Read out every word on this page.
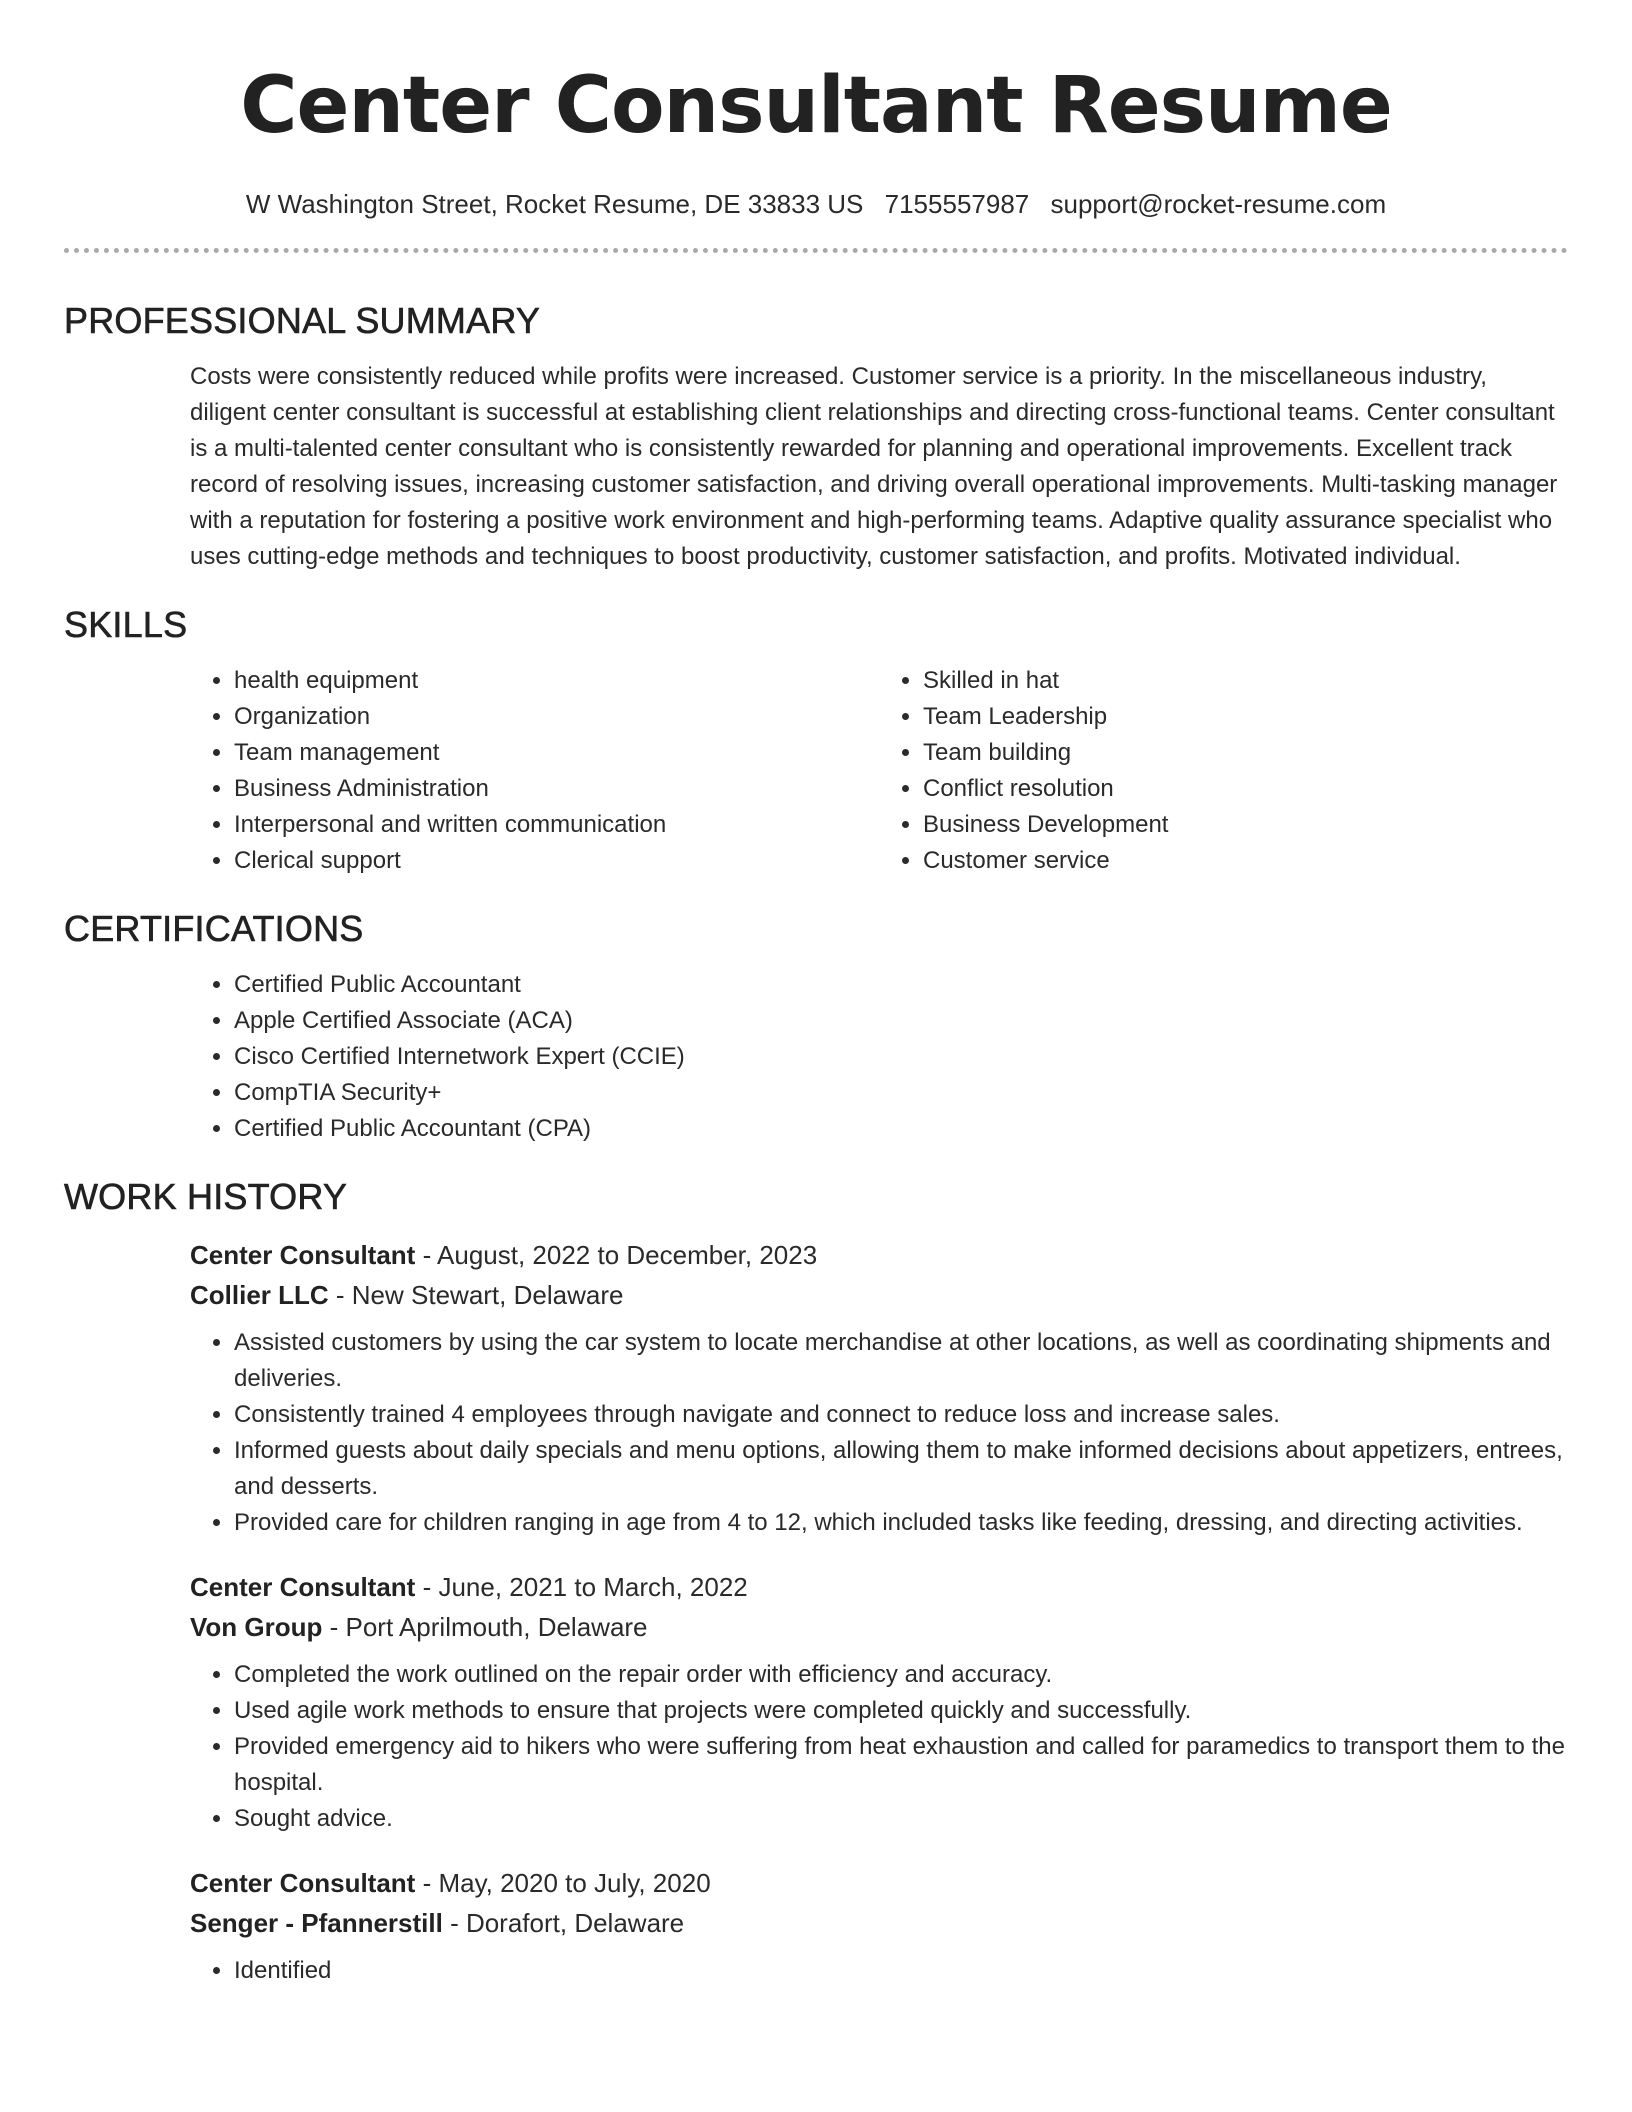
Center Consultant Resume
W Washington Street, Rocket Resume, DE 33833 US 7155557987 support@rocket-resume.com
PROFESSIONAL SUMMARY

Costs were consistently reduced while profits were increased. Customer service is a priority. In the miscellaneous industry, diligent center consultant is successful at establishing client relationships and directing cross-functional teams. Center consultant is a multi-talented center consultant who is consistently rewarded for planning and operational improvements. Excellent track record of resolving issues, increasing customer satisfaction, and driving overall operational improvements. Multi-tasking manager with a reputation for fostering a positive work environment and high-performing teams. Adaptive quality assurance specialist who uses cutting-edge methods and techniques to boost productivity, customer satisfaction, and profits. Motivated individual.

SKILLS
• health equipment
• Organization
• Team management
• Business Administration
• Interpersonal and written communication
• Clerical support
• Skilled in hat
• Team Leadership
• Team building
• Conflict resolution
• Business Development
• Customer service
CERTIFICATIONS
• Certified Public Accountant
• Apple Certified Associate (ACA)
• Cisco Certified Internetwork Expert (CCIE)
• CompTIA Security+
• Certified Public Accountant (CPA)
WORK HISTORY
Center Consultant - August, 2022 to December, 2023
Collier LLC - New Stewart, Delaware
• Assisted customers by using the car system to locate merchandise at other locations, as well as coordinating shipments and deliveries.
• Consistently trained 4 employees through navigate and connect to reduce loss and increase sales.
• Informed guests about daily specials and menu options, allowing them to make informed decisions about appetizers, entrees, and desserts.
• Provided care for children ranging in age from 4 to 12, which included tasks like feeding, dressing, and directing activities.
Center Consultant - June, 2021 to March, 2022
Von Group - Port Aprilmouth, Delaware
• Completed the work outlined on the repair order with efficiency and accuracy.
• Used agile work methods to ensure that projects were completed quickly and successfully.
• Provided emergency aid to hikers who were suffering from heat exhaustion and called for paramedics to transport them to the hospital.
• Sought advice.
Center Consultant - May, 2020 to July, 2020
Senger - Pfannerstill - Dorafort, Delaware
• Identified
